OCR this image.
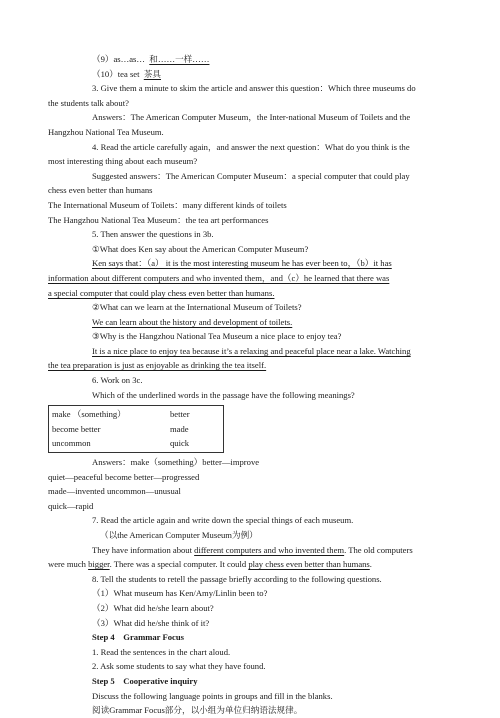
（9）as…as… 和……一样……
（10）tea set 茶具
3. Give them a minute to skim the article and answer this question：Which three museums do
the students talk about?
Answers：The American Computer Museum，the Inter-national Museum of Toilets and the
Hangzhou National Tea Museum.
4. Read the article carefully again，and answer the next question：What do you think is the
most interesting thing about each museum?
Suggested answers：The American Computer Museum：a special computer that could play
chess even better than humans
The International Museum of Toilets：many different kinds of toilets
The Hangzhou National Tea Museum：the tea art performances
5. Then answer the questions in 3b.
①What does Ken say about the American Computer Museum?
Ken says that：（a） it is the most interesting museum he has ever been to，（b）it has
information about different computers and who invented them，and（c）he learned that there was
a special computer that could play chess even better than humans.
②What can we learn at the International Museum of Toilets?
We can learn about the history and development of toilets.
③Why is the Hangzhou National Tea Museum a nice place to enjoy tea?
It is a nice place to enjoy tea because it’s a relaxing and peaceful place near a lake. Watching
the tea preparation is just as enjoyable as drinking the tea itself.
6. Work on 3c.
Which of the underlined words in the passage have the following meanings?
make （something）	better
become better	made
uncommon	quick
Answers：make（something）better—improve
quiet—peaceful become better—progressed
made—invented uncommon—unusual
quick—rapid
7. Read the article again and write down the special things of each museum.
（以the American Computer Museum为例）
They have information about different computers and who invented them. The old computers
were much bigger. There was a special computer. It could play chess even better than humans.
8. Tell the students to retell the passage briefly according to the following questions.
（1）What museum has Ken/Amy/Linlin been to?
（2）What did he/she learn about?
（3）What did he/she think of it?
Step 4　Grammar Focus
1. Read the sentences in the chart aloud.
2. Ask some students to say what they have found.
Step 5　Cooperative inquiry
Discuss the following language points in groups and fill in the blanks.
阅读Grammar Focus部分，以小组为单位归纳语法规律。
